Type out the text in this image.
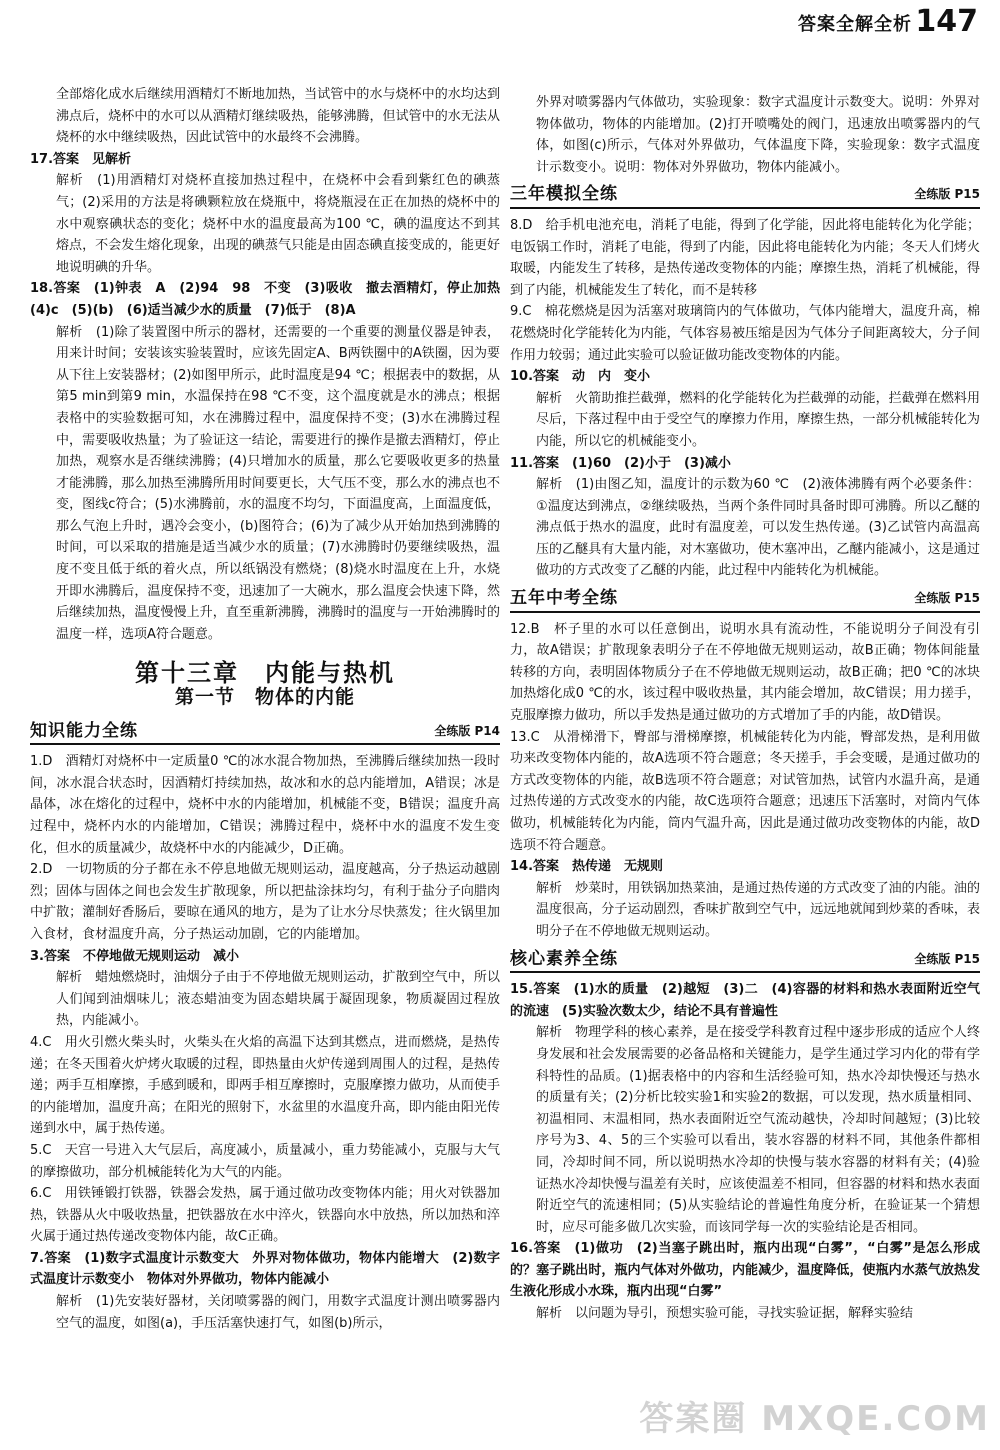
答案全解全析 147

全部熔化成水后继续用酒精灯不断地加热，当试管中的水与烧杯中的水均达到沸点后，烧杯中的水可以从酒精灯继续吸热，能够沸腾，但试管中的水无法从烧杯的水中继续吸热，因此试管中的水最终不会沸腾。

17.答案　见解析

解析　(1)用酒精灯对烧杯直接加热过程中，在烧杯中会看到紫红色的碘蒸气；(2)采用的方法是将碘颗粒放在烧瓶中，将烧瓶浸在正在加热的烧杯中的水中观察碘状态的变化；烧杯中水的温度最高为100 ℃，碘的温度达不到其熔点，不会发生熔化现象，出现的碘蒸气只能是由固态碘直接变成的，能更好地说明碘的升华。

18.答案　(1)钟表　A　(2)94　98　不变　(3)吸收　撤去酒精灯，停止加热　(4)c　(5)(b)　(6)适当减少水的质量　(7)低于　(8)A

解析　(1)除了装置图中所示的器材，还需要的一个重要的测量仪器是钟表，用来计时间；安装该实验装置时，应该先固定A、B两铁圈中的A铁圈，因为要从下往上安装器材；(2)如图甲所示，此时温度是94 ℃；根据表中的数据，从第5 min到第9 min，水温保持在98 ℃不变，这个温度就是水的沸点；根据表格中的实验数据可知，水在沸腾过程中，温度保持不变；(3)水在沸腾过程中，需要吸收热量；为了验证这一结论，需要进行的操作是撤去酒精灯，停止加热，观察水是否继续沸腾；(4)只增加水的质量，那么它要吸收更多的热量才能沸腾，那么加热至沸腾所用时间要更长，大气压不变，那么水的沸点也不变，图线c符合；(5)水沸腾前，水的温度不均匀，下面温度高，上面温度低，那么气泡上升时，遇冷会变小，(b)图符合；(6)为了减少从开始加热到沸腾的时间，可以采取的措施是适当减少水的质量；(7)水沸腾时仍要继续吸热，温度不变且低于纸的着火点，所以纸锅没有燃烧；(8)烧水时温度在上升，水烧开即水沸腾后，温度保持不变，迅速加了一大碗水，那么温度会快速下降，然后继续加热，温度慢慢上升，直至重新沸腾，沸腾时的温度与一开始沸腾时的温度一样，选项A符合题意。

第十三章　内能与热机
第一节　物体的内能
知识能力全练	全练版 P14

1.D　酒精灯对烧杯中一定质量0 ℃的冰水混合物加热，至沸腾后继续加热一段时间，冰水混合状态时，因酒精灯持续加热，故冰和水的总内能增加，A错误；冰是晶体，冰在熔化的过程中，烧杯中水的内能增加，机械能不变，B错误；温度升高过程中，烧杯内水的内能增加，C错误；沸腾过程中，烧杯中水的温度不发生变化，但水的质量减少，故烧杯中水的内能减少，D正确。

2.D　一切物质的分子都在永不停息地做无规则运动，温度越高，分子热运动越剧烈；固体与固体之间也会发生扩散现象，所以把盐涂抹均匀，有利于盐分子向腊肉中扩散；灌制好香肠后，要晾在通风的地方，是为了让水分尽快蒸发；往火锅里加入食材，食材温度升高，分子热运动加剧，它的内能增加。

3.答案　不停地做无规则运动　减小

解析　蜡烛燃烧时，油烟分子由于不停地做无规则运动，扩散到空气中，所以人们闻到油烟味儿；液态蜡油变为固态蜡块属于凝固现象，物质凝固过程放热，内能减小。

4.C　用火引燃火柴头时，火柴头在火焰的高温下达到其燃点，进而燃烧，是热传递；在冬天围着火炉烤火取暖的过程，即热量由火炉传递到周围人的过程，是热传递；两手互相摩擦，手感到暖和，即两手相互摩擦时，克服摩擦力做功，从而使手的内能增加，温度升高；在阳光的照射下，水盆里的水温度升高，即内能由阳光传递到水中，属于热传递。

5.C　天宫一号进入大气层后，高度减小，质量减小，重力势能减小，克服与大气的摩擦做功，部分机械能转化为大气的内能。

6.C　用铁锤锻打铁器，铁器会发热，属于通过做功改变物体内能；用火对铁器加热，铁器从火中吸收热量，把铁器放在水中淬火，铁器向水中放热，所以加热和淬火属于通过热传递改变物体内能，故C正确。

7.答案　(1)数字式温度计示数变大　外界对物体做功，物体内能增大　(2)数字式温度计示数变小　物体对外界做功，物体内能减小

解析　(1)先安装好器材，关闭喷雾器的阀门，用数字式温度计测出喷雾器内空气的温度，如图(a)，手压活塞快速打气，如图(b)所示，

外界对喷雾器内气体做功，实验现象：数字式温度计示数变大。说明：外界对物体做功，物体的内能增加。(2)打开喷嘴处的阀门，迅速放出喷雾器内的气体，如图(c)所示，气体对外界做功，气体温度下降，实验现象：数字式温度计示数变小。说明：物体对外界做功，物体内能减小。

三年模拟全练	全练版 P15

8.D　给手机电池充电，消耗了电能，得到了化学能，因此将电能转化为化学能；电饭锅工作时，消耗了电能，得到了内能，因此将电能转化为内能；冬天人们烤火取暖，内能发生了转移，是热传递改变物体的内能；摩擦生热，消耗了机械能，得到了内能，机械能发生了转化，而不是转移

9.C　棉花燃烧是因为活塞对玻璃筒内的气体做功，气体内能增大，温度升高，棉花燃烧时化学能转化为内能，气体容易被压缩是因为气体分子间距离较大，分子间作用力较弱；通过此实验可以验证做功能改变物体的内能。

10.答案　动　内　变小

解析　火箭助推拦截弹，燃料的化学能转化为拦截弹的动能，拦截弹在燃料用尽后，下落过程中由于受空气的摩擦力作用，摩擦生热，一部分机械能转化为内能，所以它的机械能变小。

11.答案　(1)60　(2)小于　(3)减小

解析　(1)由图乙知，温度计的示数为60 ℃　(2)液体沸腾有两个必要条件：①温度达到沸点，②继续吸热，当两个条件同时具备时即可沸腾。所以乙醚的沸点低于热水的温度，此时有温度差，可以发生热传递。(3)乙试管内高温高压的乙醚具有大量内能，对木塞做功，使木塞冲出，乙醚内能减小，这是通过做功的方式改变了乙醚的内能，此过程中内能转化为机械能。

五年中考全练	全练版 P15

12.B　杯子里的水可以任意倒出，说明水具有流动性，不能说明分子间没有引力，故A错误；扩散现象表明分子在不停地做无规则运动，故B正确；物体间能量转移的方向，表明固体物质分子在不停地做无规则运动，故B正确；把0 ℃的冰块加热熔化成0 ℃的水，该过程中吸收热量，其内能会增加，故C错误；用力搓手，克服摩擦力做功，所以手发热是通过做功的方式增加了手的内能，故D错误。

13.C　从滑梯滑下，臀部与滑梯摩擦，机械能转化为内能，臀部发热，是利用做功来改变物体内能的，故A选项不符合题意；冬天搓手，手会变暖，是通过做功的方式改变物体的内能，故B选项不符合题意；对试管加热，试管内水温升高，是通过热传递的方式改变水的内能，故C选项符合题意；迅速压下活塞时，对筒内气体做功，机械能转化为内能，筒内气温升高，因此是通过做功改变物体的内能，故D选项不符合题意。

14.答案　热传递　无规则

解析　炒菜时，用铁锅加热菜油，是通过热传递的方式改变了油的内能。油的温度很高，分子运动剧烈，香味扩散到空气中，远远地就闻到炒菜的香味，表明分子在不停地做无规则运动。

核心素养全练	全练版 P15

15.答案　(1)水的质量　(2)越短　(3)二　(4)容器的材料和热水表面附近空气的流速　(5)实验次数太少，结论不具有普遍性

解析　物理学科的核心素养，是在接受学科教育过程中逐步形成的适应个人终身发展和社会发展需要的必备品格和关键能力，是学生通过学习内化的带有学科特性的品质。(1)据表格中的内容和生活经验可知，热水冷却快慢还与热水的质量有关；(2)分析比较实验1和实验2的数据，可以发现，热水质量相同、初温相同、末温相同，热水表面附近空气流动越快，冷却时间越短；(3)比较序号为3、4、5的三个实验可以看出，装水容器的材料不同，其他条件都相同，冷却时间不同，所以说明热水冷却的快慢与装水容器的材料有关；(4)验证热水冷却快慢与温差有关时，应该使温差不相同，但容器的材料和热水表面附近空气的流速相同；(5)从实验结论的普遍性角度分析，在验证某一个猜想时，应尽可能多做几次实验，而该同学每一次的实验结论是否相同。

16.答案　(1)做功　(2)当塞子跳出时，瓶内出现“白雾”，“白雾”是怎么形成的？塞子跳出时，瓶内气体对外做功，内能减少，温度降低，使瓶内水蒸气放热发生液化形成小水珠，瓶内出现“白雾”

解析　以问题为导引，预想实验可能，寻找实验证据，解释实验结

答案圈 MXQE.COM
